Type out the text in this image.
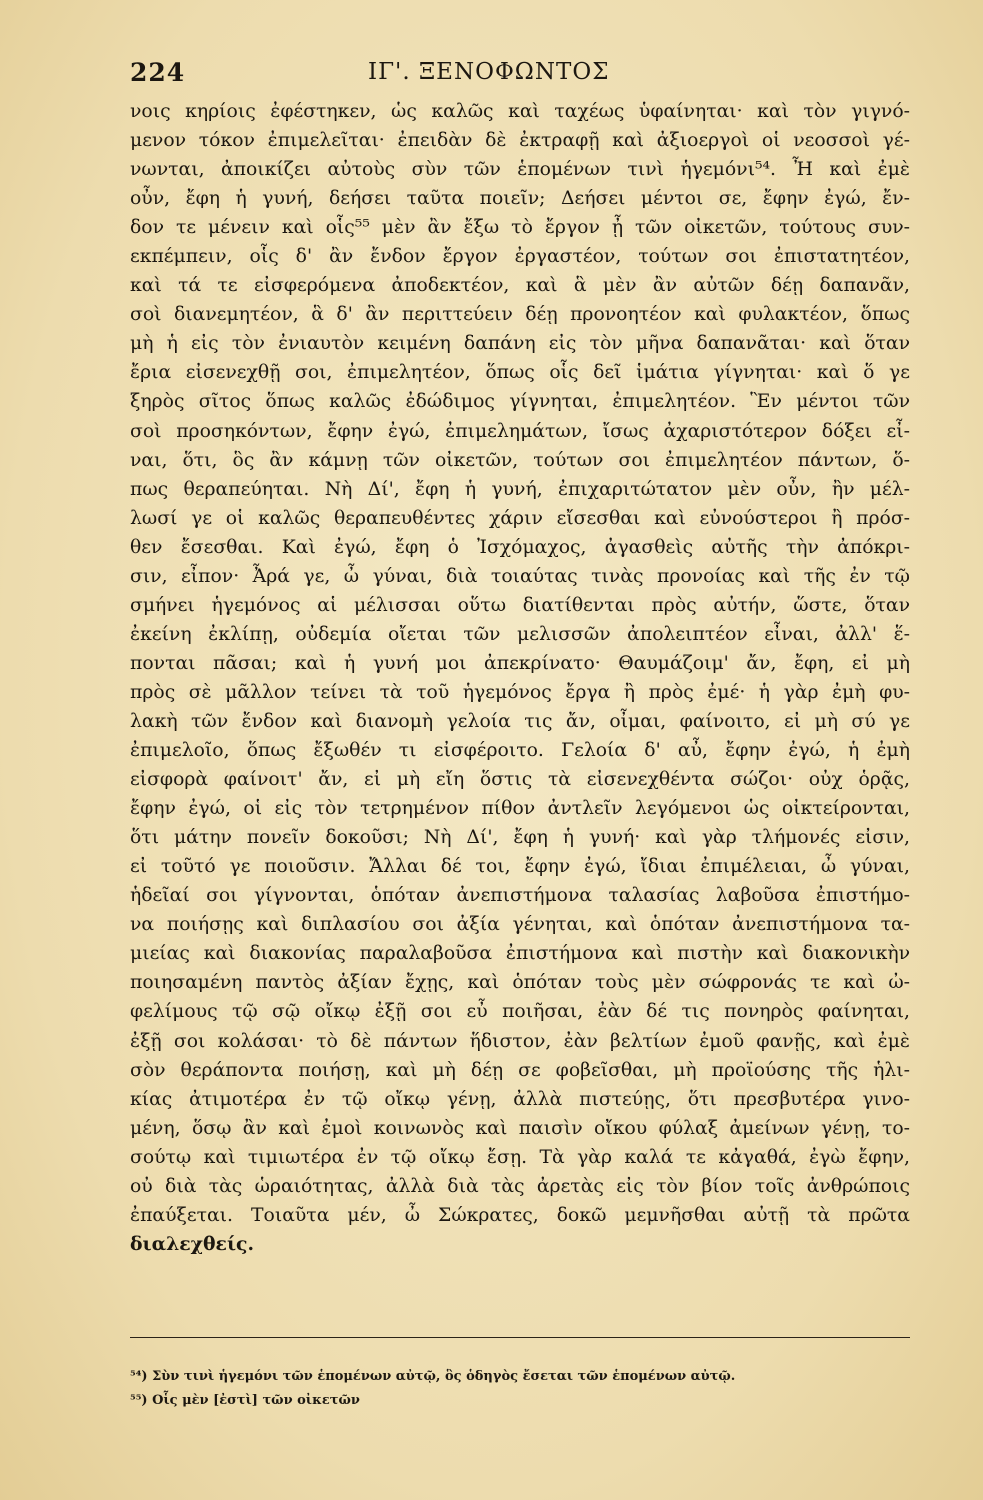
224	ΙΓ'. ΞΕΝΟΦΩΝΤΟΣ
νοις κηρίοις ἐφέστηκεν, ὡς καλῶς καὶ ταχέως ὑφαίνηται· καὶ τὸν γιγνό-
μενον τόκον ἐπιμελεῖται· ἐπειδὰν δὲ ἐκτραφῇ καὶ ἀξιοεργοὶ οἱ νεοσσοὶ γέ-
νωνται, ἀποικίζει αὐτοὺς σὺν τῶν ἑπομένων τινὶ ἡγεμόνι⁵⁴. Ἦ καὶ ἐμὲ
οὖν, ἔφη ἡ γυνή, δεήσει ταῦτα ποιεῖν; Δεήσει μέντοι σε, ἔφην ἐγώ, ἔν-
δον τε μένειν καὶ οἷς⁵⁵ μὲν ἂν ἔξω τὸ ἔργον ᾖ τῶν οἰκετῶν, τούτους συν-
εκπέμπειν, οἷς δ' ἂν ἔνδον ἔργον ἐργαστέον, τούτων σοι ἐπιστατητέον,
καὶ τά τε εἰσφερόμενα ἀποδεκτέον, καὶ ἃ μὲν ἂν αὐτῶν δέῃ δαπανᾶν,
σοὶ διανεμητέον, ἃ δ' ἂν περιττεύειν δέῃ προνοητέον καὶ φυλακτέον, ὅπως
μὴ ἡ εἰς τὸν ἐνιαυτὸν κειμένη δαπάνη εἰς τὸν μῆνα δαπανᾶται· καὶ ὅταν
ἔρια εἰσενεχθῇ σοι, ἐπιμελητέον, ὅπως οἷς δεῖ ἱμάτια γίγνηται· καὶ ὅ γε
ξηρὸς σῖτος ὅπως καλῶς ἐδώδιμος γίγνηται, ἐπιμελητέον. Ἓν μέντοι τῶν
σοὶ προσηκόντων, ἔφην ἐγώ, ἐπιμελημάτων, ἴσως ἀχαριστότερον δόξει εἶ-
ναι, ὅτι, ὃς ἂν κάμνῃ τῶν οἰκετῶν, τούτων σοι ἐπιμελητέον πάντων, ὅ-
πως θεραπεύηται. Νὴ Δί', ἔφη ἡ γυνή, ἐπιχαριτώτατον μὲν οὖν, ἢν μέλ-
λωσί γε οἱ καλῶς θεραπευθέντες χάριν εἴσεσθαι καὶ εὐνούστεροι ἢ πρόσ-
θεν ἔσεσθαι. Καὶ ἐγώ, ἔφη ὁ Ἰσχόμαχος, ἀγασθεὶς αὐτῆς τὴν ἀπόκρι-
σιν, εἶπον· Ἆρά γε, ὦ γύναι, διὰ τοιαύτας τινὰς προνοίας καὶ τῆς ἐν τῷ
σμήνει ἡγεμόνος αἱ μέλισσαι οὕτω διατίθενται πρὸς αὐτήν, ὥστε, ὅταν
ἐκείνη ἐκλίπῃ, οὐδεμία οἴεται τῶν μελισσῶν ἀπολειπτέον εἶναι, ἀλλ' ἕ-
πονται πᾶσαι; καὶ ἡ γυνή μοι ἀπεκρίνατο· Θαυμάζοιμ' ἄν, ἔφη, εἰ μὴ
πρὸς σὲ μᾶλλον τείνει τὰ τοῦ ἡγεμόνος ἔργα ἢ πρὸς ἐμέ· ἡ γὰρ ἐμὴ φυ-
λακὴ τῶν ἔνδον καὶ διανομὴ γελοία τις ἄν, οἶμαι, φαίνοιτο, εἰ μὴ σύ γε
ἐπιμελοῖο, ὅπως ἔξωθέν τι εἰσφέροιτο. Γελοία δ' αὖ, ἔφην ἐγώ, ἡ ἐμὴ
εἰσφορὰ φαίνοιτ' ἄν, εἰ μὴ εἴη ὅστις τὰ εἰσενεχθέντα σώζοι· οὐχ ὁρᾷς,
ἔφην ἐγώ, οἱ εἰς τὸν τετρημένον πίθον ἀντλεῖν λεγόμενοι ὡς οἰκτείρονται,
ὅτι μάτην πονεῖν δοκοῦσι; Νὴ Δί', ἔφη ἡ γυνή· καὶ γὰρ τλήμονές εἰσιν,
εἰ τοῦτό γε ποιοῦσιν. Ἄλλαι δέ τοι, ἔφην ἐγώ, ἴδιαι ἐπιμέλειαι, ὦ γύναι,
ἡδεῖαί σοι γίγνονται, ὁπόταν ἀνεπιστήμονα ταλασίας λαβοῦσα ἐπιστήμο-
να ποιήσῃς καὶ διπλασίου σοι ἀξία γένηται, καὶ ὁπόταν ἀνεπιστήμονα τα-
μιείας καὶ διακονίας παραλαβοῦσα ἐπιστήμονα καὶ πιστὴν καὶ διακονικὴν
ποιησαμένη παντὸς ἀξίαν ἔχῃς, καὶ ὁπόταν τοὺς μὲν σώφρονάς τε καὶ ὠ-
φελίμους τῷ σῷ οἴκῳ ἐξῇ σοι εὖ ποιῆσαι, ἐὰν δέ τις πονηρὸς φαίνηται,
ἐξῇ σοι κολάσαι· τὸ δὲ πάντων ἥδιστον, ἐὰν βελτίων ἐμοῦ φανῇς, καὶ ἐμὲ
σὸν θεράποντα ποιήσῃ, καὶ μὴ δέῃ σε φοβεῖσθαι, μὴ προϊούσης τῆς ἡλι-
κίας ἀτιμοτέρα ἐν τῷ οἴκῳ γένῃ, ἀλλὰ πιστεύῃς, ὅτι πρεσβυτέρα γινο-
μένη, ὅσῳ ἂν καὶ ἐμοὶ κοινωνὸς καὶ παισὶν οἴκου φύλαξ ἀμείνων γένῃ, το-
σούτῳ καὶ τιμιωτέρα ἐν τῷ οἴκῳ ἔσῃ. Τὰ γὰρ καλά τε κἀγαθά, ἐγὼ ἔφην,
οὐ διὰ τὰς ὡραιότητας, ἀλλὰ διὰ τὰς ἀρετὰς εἰς τὸν βίον τοῖς ἀνθρώποις
ἐπαύξεται. Τοιαῦτα μέν, ὦ Σώκρατες, δοκῶ μεμνῆσθαι αὐτῇ τὰ πρῶτα
διαλεχθείς.
⁵⁴) Σὺν τινὶ ἡγεμόνι τῶν ἑπομένων αὐτῷ, ὃς ὁδηγὸς ἔσεται τῶν ἑπομένων αὐτῷ.
⁵⁵) Οἷς μὲν [ἐστὶ] τῶν οἰκετῶν
